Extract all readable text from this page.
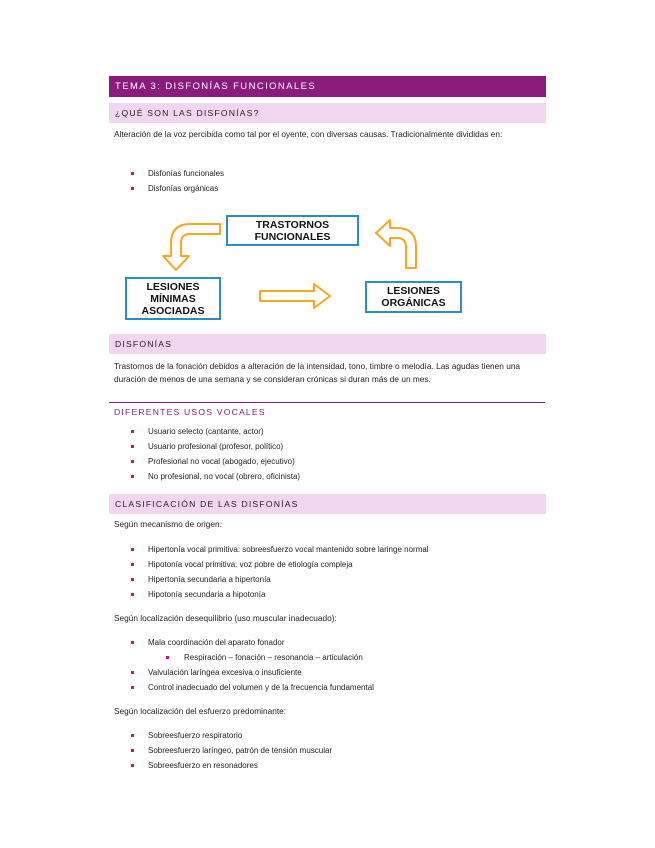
TEMA 3: DISFONÍAS FUNCIONALES
¿QUÉ SON LAS DISFONÍAS?

Alteración de la voz percibida como tal por el oyente, con diversas causas. Tradicionalmente divididas en:

Disfonías funcionales
Disfonías orgánicas
TRASTORNOS
FUNCIONALES
LESIONES
MÍNIMAS
ASOCIADAS
LESIONES
ORGÁNICAS
DISFONÍAS

Trastornos de la fonación debidos a alteración de la intensidad, tono, timbre o melodía. Las agudas tienen una duración de menos de una semana y se consideran crónicas si duran más de un mes.

DIFERENTES USOS VOCALES
Usuario selecto (cantante, actor)
Usuario profesional (profesor, político)
Profesional no vocal (abogado, ejecutivo)
No profesional, no vocal (obrero, oficinista)
CLASIFICACIÓN DE LAS DISFONÍAS

Según mecanismo de origen:

Hipertonía vocal primitiva: sobreesfuerzo vocal mantenido sobre laringe normal
Hipotonía vocal primitiva: voz pobre de etiología compleja
Hipertonía secundaria a hipertonía
Hipotonía secundaria a hipotonía

Según localización desequilibrio (uso muscular inadecuado):

Mala coordinación del aparato fonador
Respiración – fonación – resonancia – articulación
Valvulación laríngea excesiva o insuficiente
Control inadecuado del volumen y de la frecuencia fundamental

Según localización del esfuerzo predominante:

Sobreesfuerzo respiratorio
Sobreesfuerzo laríngeo, patrón de tensión muscular
Sobreesfuerzo en resonadores
